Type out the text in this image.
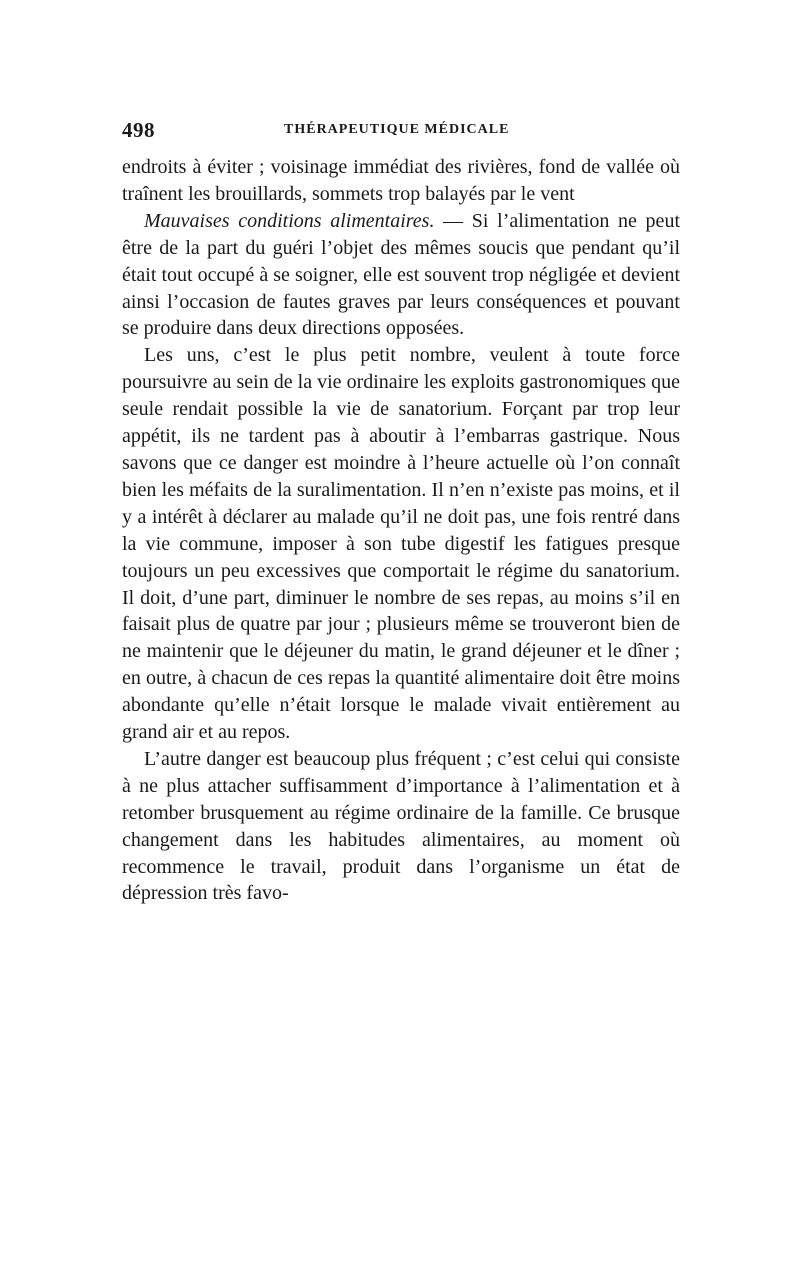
498	THÉRAPEUTIQUE MÉDICALE

endroits à éviter ; voisinage immédiat des rivières, fond de vallée où traînent les brouillards, sommets trop balayés par le vent

Mauvaises conditions alimentaires. — Si l’alimentation ne peut être de la part du guéri l’objet des mêmes soucis que pendant qu’il était tout occupé à se soigner, elle est souvent trop négligée et devient ainsi l’occasion de fautes graves par leurs conséquences et pouvant se produire dans deux directions opposées.

Les uns, c’est le plus petit nombre, veulent à toute force poursuivre au sein de la vie ordinaire les exploits gastronomiques que seule rendait possible la vie de sanatorium. Forçant par trop leur appétit, ils ne tardent pas à aboutir à l’embarras gastrique. Nous savons que ce danger est moindre à l’heure actuelle où l’on connaît bien les méfaits de la suralimentation. Il n’en n’existe pas moins, et il y a intérêt à déclarer au malade qu’il ne doit pas, une fois rentré dans la vie commune, imposer à son tube digestif les fatigues presque toujours un peu excessives que comportait le régime du sanatorium. Il doit, d’une part, diminuer le nombre de ses repas, au moins s’il en faisait plus de quatre par jour ; plusieurs même se trouveront bien de ne maintenir que le déjeuner du matin, le grand déjeuner et le dîner ; en outre, à chacun de ces repas la quantité alimentaire doit être moins abondante qu’elle n’était lorsque le malade vivait entièrement au grand air et au repos.

L’autre danger est beaucoup plus fréquent ; c’est celui qui consiste à ne plus attacher suffisamment d’importance à l’alimentation et à retomber brusquement au régime ordinaire de la famille. Ce brusque changement dans les habitudes alimentaires, au moment où recommence le travail, produit dans l’organisme un état de dépression très favo-
